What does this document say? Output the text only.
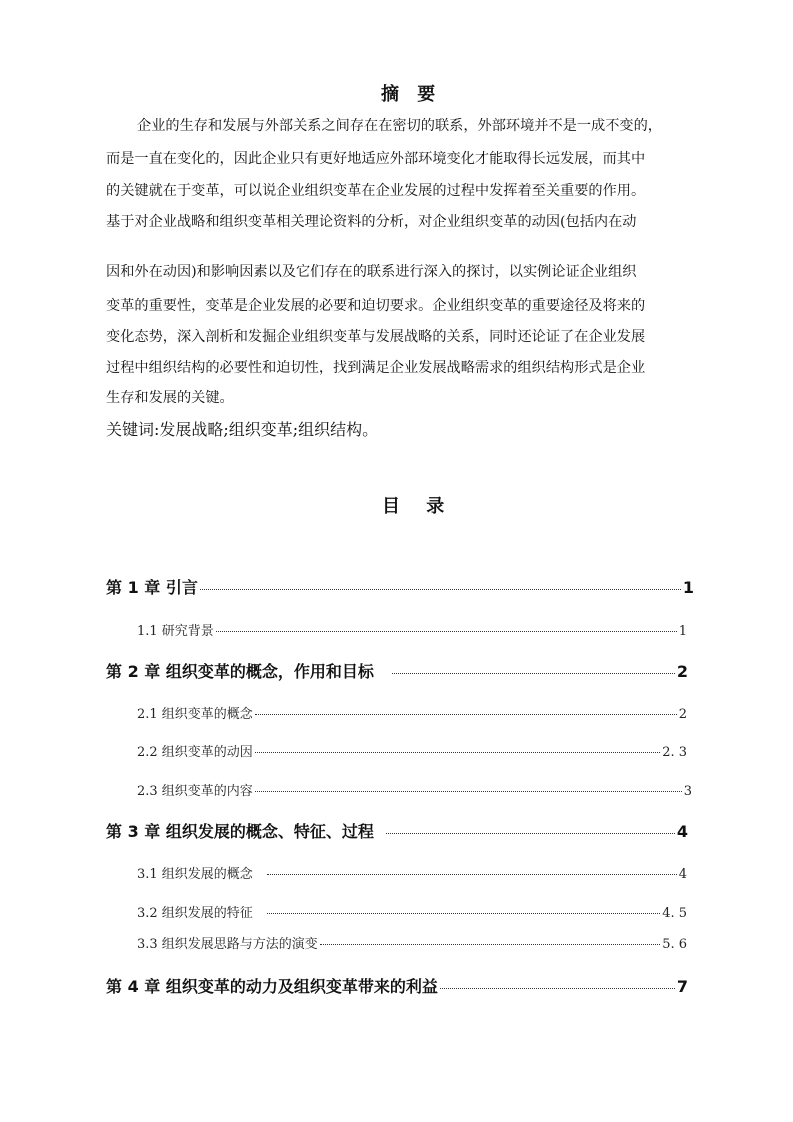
摘 要
企业的生存和发展与外部关系之间存在在密切的联系，外部环境并不是一成不变的，
而是一直在变化的，因此企业只有更好地适应外部环境变化才能取得长远发展，而其中
的关键就在于变革，可以说企业组织变革在企业发展的过程中发挥着至关重要的作用。
基于对企业战略和组织变革相关理论资料的分析，对企业组织变革的动因(包括内在动
因和外在动因)和影响因素以及它们存在的联系进行深入的探讨，以实例论证企业组织
变革的重要性，变革是企业发展的必要和迫切要求。企业组织变革的重要途径及将来的
变化态势，深入剖析和发掘企业组织变革与发展战略的关系，同时还论证了在企业发展
过程中组织结构的必要性和迫切性，找到满足企业发展战略需求的组织结构形式是企业
生存和发展的关键。
关键词:发展战略;组织变革;组织结构。
目 录
第 1 章 引言	1
1.1 研究背景	1
第 2 章 组织变革的概念，作用和目标	2
2.1 组织变革的概念	2
2.2 组织变革的动因	2. 3
2.3 组织变革的内容	3
第 3 章 组织发展的概念、特征、过程	4
3.1 组织发展的概念	4
3.2 组织发展的特征	4. 5
3.3 组织发展思路与方法的演变	5. 6
第 4 章 组织变革的动力及组织变革带来的利益	7
